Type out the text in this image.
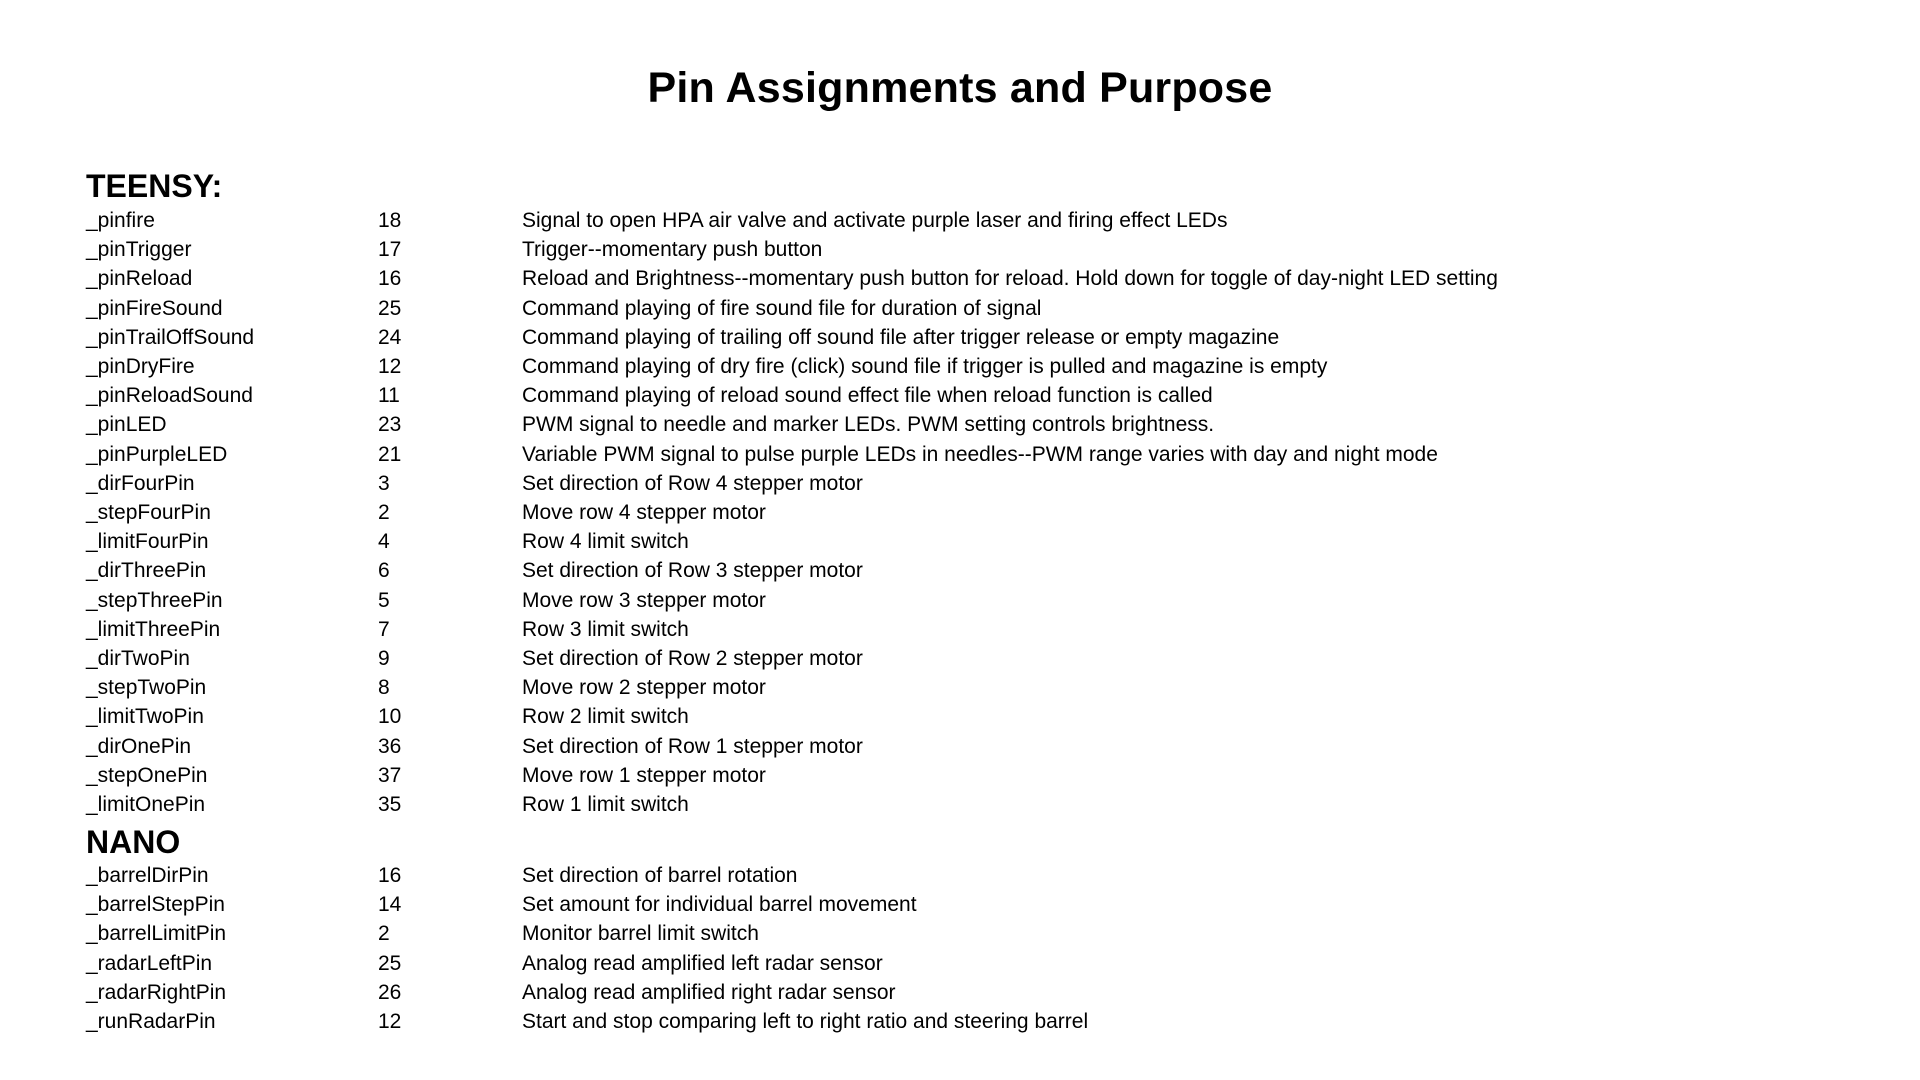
Pin Assignments and Purpose
TEENSY:
_pinfire	18	Signal to open HPA air valve and activate purple laser and firing effect LEDs
_pinTrigger	17	Trigger--momentary push button
_pinReload	16	Reload and Brightness--momentary push button for reload. Hold down for toggle of day-night LED setting
_pinFireSound	25	Command playing of fire sound file for duration of signal
_pinTrailOffSound	24	Command playing of trailing off sound file after trigger release or empty magazine
_pinDryFire	12	Command playing of dry fire (click) sound file if trigger is pulled and magazine is empty
_pinReloadSound	11	Command playing of reload sound effect file when reload function is called
_pinLED	23	PWM signal to needle and marker LEDs. PWM setting controls brightness.
_pinPurpleLED	21	Variable PWM signal to pulse purple LEDs in needles--PWM range varies with day and night mode
_dirFourPin	3	Set direction of Row 4 stepper motor
_stepFourPin	2	Move row 4 stepper motor
_limitFourPin	4	Row 4 limit switch
_dirThreePin	6	Set direction of Row 3 stepper motor
_stepThreePin	5	Move row 3 stepper motor
_limitThreePin	7	Row 3 limit switch
_dirTwoPin	9	Set direction of Row 2 stepper motor
_stepTwoPin	8	Move row 2 stepper motor
_limitTwoPin	10	Row 2 limit switch
_dirOnePin	36	Set direction of Row 1 stepper motor
_stepOnePin	37	Move row 1 stepper motor
_limitOnePin	35	Row 1 limit switch
NANO
_barrelDirPin	16	Set direction of barrel rotation
_barrelStepPin	14	Set amount for individual barrel movement
_barrelLimitPin	2	Monitor barrel limit switch
_radarLeftPin	25	Analog read amplified left radar sensor
_radarRightPin	26	Analog read amplified right radar sensor
_runRadarPin	12	Start and stop comparing left to right ratio and steering barrel
